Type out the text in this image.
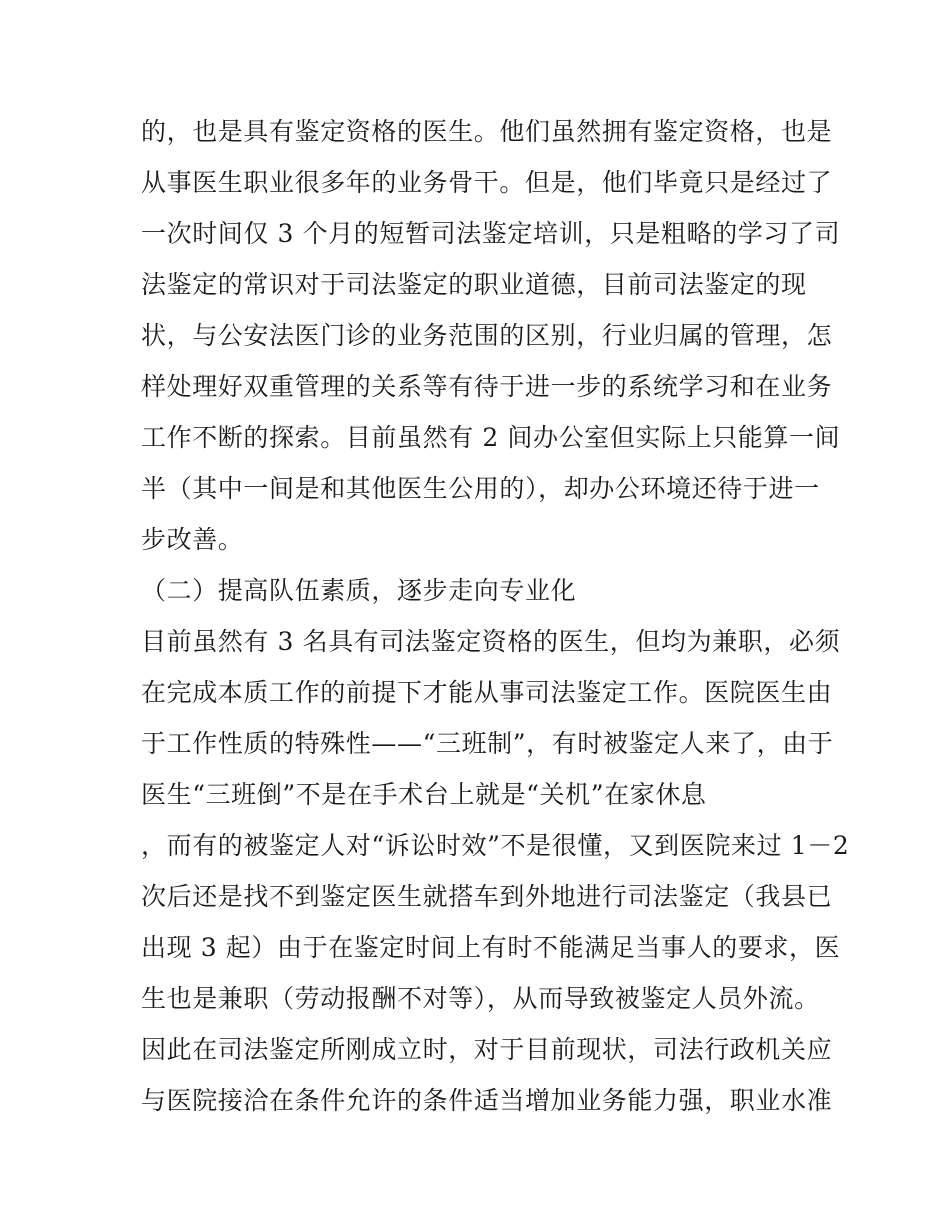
的，也是具有鉴定资格的医生。他们虽然拥有鉴定资格，也是
从事医生职业很多年的业务骨干。但是，他们毕竟只是经过了
一次时间仅 3 个月的短暂司法鉴定培训，只是粗略的学习了司
法鉴定的常识对于司法鉴定的职业道德，目前司法鉴定的现
状，与公安法医门诊的业务范围的区别，行业归属的管理，怎
样处理好双重管理的关系等有待于进一步的系统学习和在业务
工作不断的探索。目前虽然有 2 间办公室但实际上只能算一间
半（其中一间是和其他医生公用的），却办公环境还待于进一
步改善。
（二）提高队伍素质，逐步走向专业化
目前虽然有 3 名具有司法鉴定资格的医生，但均为兼职，必须
在完成本质工作的前提下才能从事司法鉴定工作。医院医生由
于工作性质的特殊性——“三班制”，有时被鉴定人来了，由于
医生“三班倒”不是在手术台上就是“关机”在家休息
，而有的被鉴定人对“诉讼时效”不是很懂，又到医院来过 1－2
次后还是找不到鉴定医生就搭车到外地进行司法鉴定（我县已
出现 3 起）由于在鉴定时间上有时不能满足当事人的要求，医
生也是兼职（劳动报酬不对等），从而导致被鉴定人员外流。
因此在司法鉴定所刚成立时，对于目前现状，司法行政机关应
与医院接洽在条件允许的条件适当增加业务能力强，职业水准
